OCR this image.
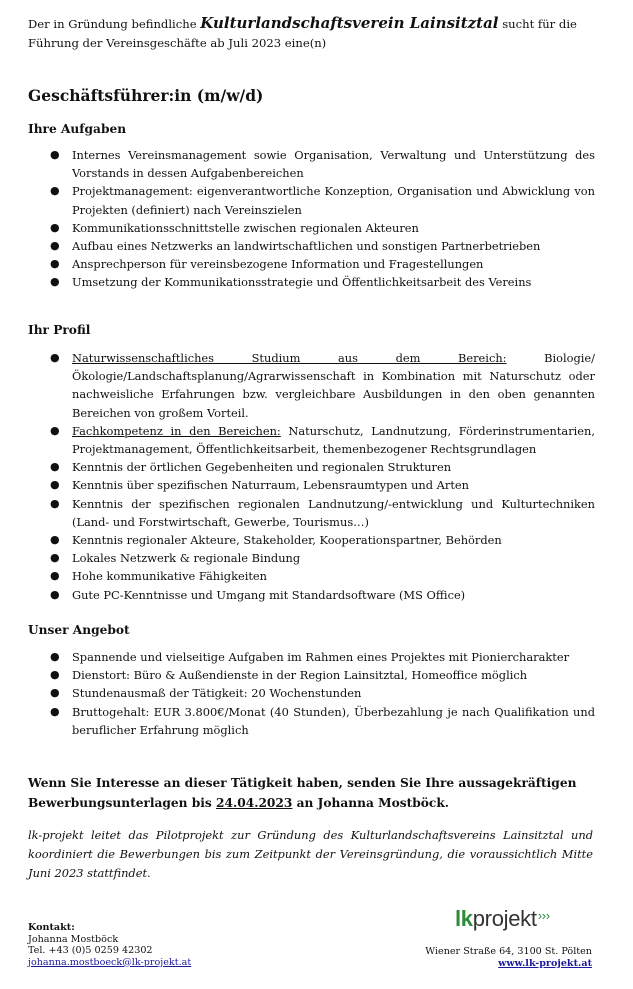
Der in Gründung befindliche Kulturlandschaftsverein Lainsitztal sucht für die Führung der Vereinsgeschäfte ab Juli 2023 eine(n)
Geschäftsführer:in (m/w/d)
Ihre Aufgaben
● Internes Vereinsmanagement sowie Organisation, Verwaltung und Unterstützung des Vorstands in dessen Aufgabenbereichen
● Projektmanagement: eigenverantwortliche Konzeption, Organisation und Abwicklung von Projekten (definiert) nach Vereinszielen
● Kommunikationsschnittstelle zwischen regionalen Akteuren
● Aufbau eines Netzwerks an landwirtschaftlichen und sonstigen Partnerbetrieben
● Ansprechperson für vereinsbezogene Information und Fragestellungen
● Umsetzung der Kommunikationsstrategie und Öffentlichkeitsarbeit des Vereins
Ihr Profil
● Naturwissenschaftliches Studium aus dem Bereich: Biologie/Ökologie/Landschaftsplanung/Agrarwissenschaft in Kombination mit Naturschutz oder nachweisliche Erfahrungen bzw. vergleichbare Ausbildungen in den oben genannten Bereichen von großem Vorteil.
● Fachkompetenz in den Bereichen: Naturschutz, Landnutzung, Förderinstrumentarien, Projektmanagement, Öffentlichkeitsarbeit, themenbezogener Rechtsgrundlagen
● Kenntnis der örtlichen Gegebenheiten und regionalen Strukturen
● Kenntnis über spezifischen Naturraum, Lebensraumtypen und Arten
● Kenntnis der spezifischen regionalen Landnutzung/-entwicklung und Kulturtechniken (Land- und Forstwirtschaft, Gewerbe, Tourismus…)
● Kenntnis regionaler Akteure, Stakeholder, Kooperationspartner, Behörden
● Lokales Netzwerk & regionale Bindung
● Hohe kommunikative Fähigkeiten
● Gute PC-Kenntnisse und Umgang mit Standardsoftware (MS Office)
Unser Angebot
● Spannende und vielseitige Aufgaben im Rahmen eines Projektes mit Pioniercharakter
● Dienstort: Büro & Außendienste in der Region Lainsitztal, Homeoffice möglich
● Stundenausmaß der Tätigkeit: 20 Wochenstunden
● Bruttogehalt: EUR 3.800€/Monat (40 Stunden), Überbezahlung je nach Qualifikation und beruflicher Erfahrung möglich
Wenn Sie Interesse an dieser Tätigkeit haben, senden Sie Ihre aussagekräftigen Bewerbungsunterlagen bis 24.04.2023 an Johanna Mostböck.
lk-projekt leitet das Pilotprojekt zur Gründung des Kulturlandschaftsvereins Lainsitztal und koordiniert die Bewerbungen bis zum Zeitpunkt der Vereinsgründung, die voraussichtlich Mitte Juni 2023 stattfindet.
Kontakt:
Johanna Mostböck
Tel. +43 (0)5 0259 42302
johanna.mostboeck@lk-projekt.at
lkprojekt›››
Wiener Straße 64, 3100 St. Pölten
www.lk-projekt.at
